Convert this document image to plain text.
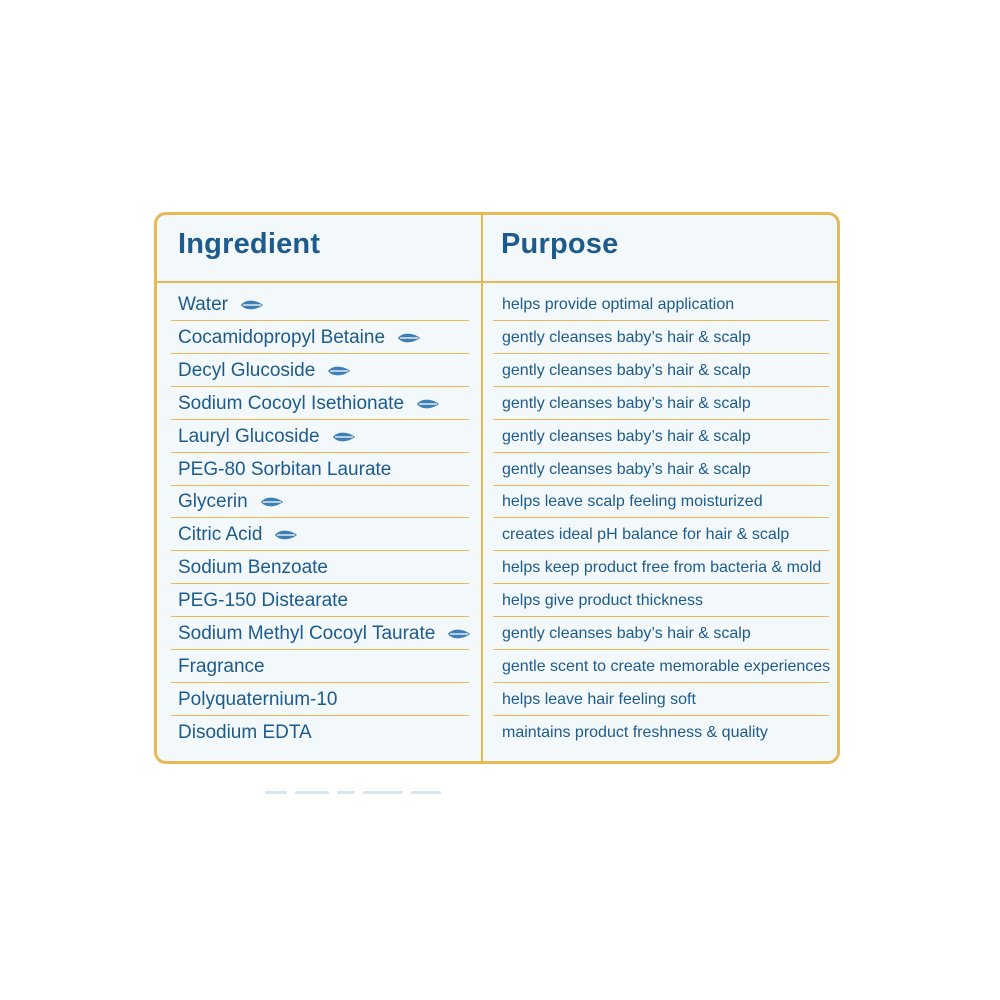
Ingredient	Purpose
Water	helps provide optimal application
Cocamidopropyl Betaine	gently cleanses baby’s hair & scalp
Decyl Glucoside	gently cleanses baby’s hair & scalp
Sodium Cocoyl Isethionate	gently cleanses baby’s hair & scalp
Lauryl Glucoside	gently cleanses baby’s hair & scalp
PEG-80 Sorbitan Laurate	gently cleanses baby’s hair & scalp
Glycerin	helps leave scalp feeling moisturized
Citric Acid	creates ideal pH balance for hair & scalp
Sodium Benzoate	helps keep product free from bacteria & mold
PEG-150 Distearate	helps give product thickness
Sodium Methyl Cocoyl Taurate	gently cleanses baby’s hair & scalp
Fragrance	gentle scent to create memorable experiences
Polyquaternium-10	helps leave hair feeling soft
Disodium EDTA	maintains product freshness & quality
